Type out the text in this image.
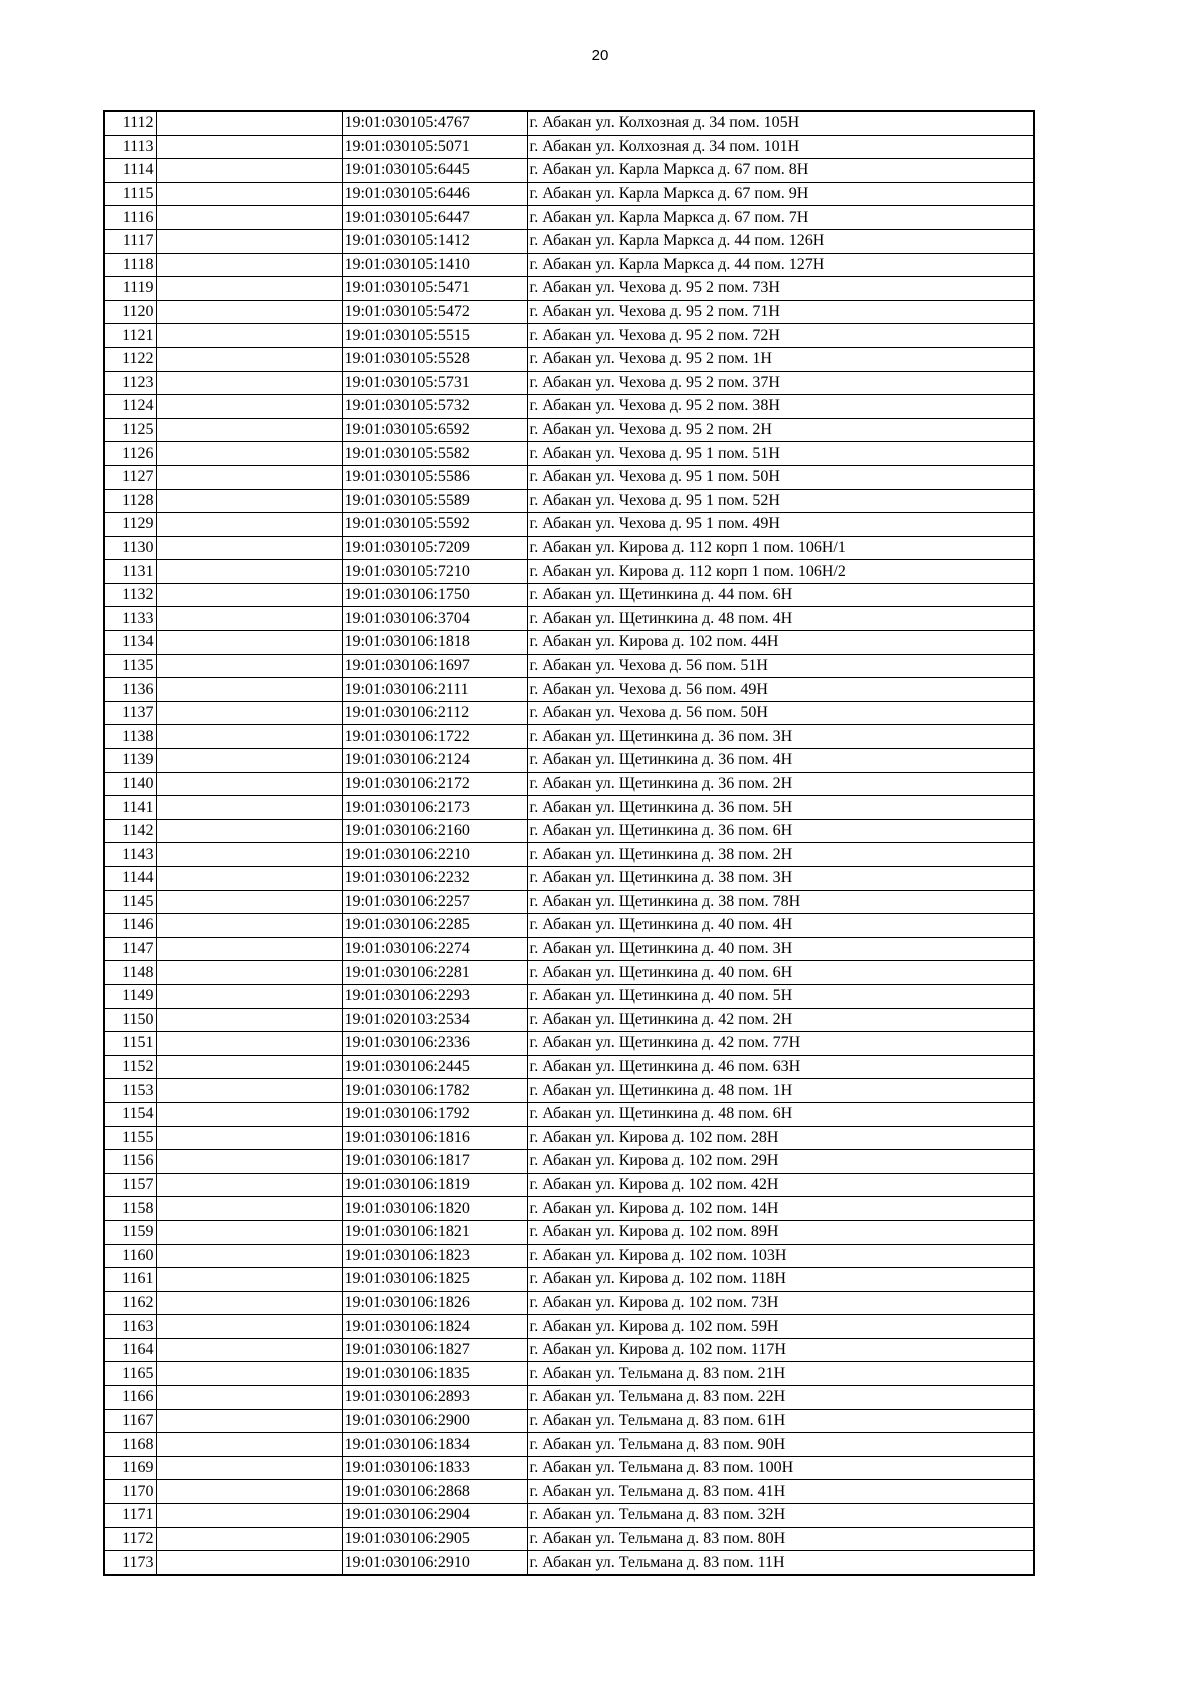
20
1112		19:01:030105:4767	г. Абакан ул. Колхозная д. 34 пом. 105Н
1113		19:01:030105:5071	г. Абакан ул. Колхозная д. 34 пом. 101Н
1114		19:01:030105:6445	г. Абакан ул. Карла Маркса д. 67 пом. 8Н
1115		19:01:030105:6446	г. Абакан ул. Карла Маркса д. 67 пом. 9Н
1116		19:01:030105:6447	г. Абакан ул. Карла Маркса д. 67 пом. 7Н
1117		19:01:030105:1412	г. Абакан ул. Карла Маркса д. 44 пом. 126Н
1118		19:01:030105:1410	г. Абакан ул. Карла Маркса д. 44 пом. 127Н
1119		19:01:030105:5471	г. Абакан ул. Чехова д. 95 2 пом. 73Н
1120		19:01:030105:5472	г. Абакан ул. Чехова д. 95 2 пом. 71Н
1121		19:01:030105:5515	г. Абакан ул. Чехова д. 95 2 пом. 72Н
1122		19:01:030105:5528	г. Абакан ул. Чехова д. 95 2 пом. 1Н
1123		19:01:030105:5731	г. Абакан ул. Чехова д. 95 2 пом. 37Н
1124		19:01:030105:5732	г. Абакан ул. Чехова д. 95 2 пом. 38Н
1125		19:01:030105:6592	г. Абакан ул. Чехова д. 95 2 пом. 2Н
1126		19:01:030105:5582	г. Абакан ул. Чехова д. 95 1 пом. 51Н
1127		19:01:030105:5586	г. Абакан ул. Чехова д. 95 1 пом. 50Н
1128		19:01:030105:5589	г. Абакан ул. Чехова д. 95 1 пом. 52Н
1129		19:01:030105:5592	г. Абакан ул. Чехова д. 95 1 пом. 49Н
1130		19:01:030105:7209	г. Абакан ул. Кирова д. 112 корп 1 пом. 106Н/1
1131		19:01:030105:7210	г. Абакан ул. Кирова д. 112 корп 1 пом. 106Н/2
1132		19:01:030106:1750	г. Абакан ул. Щетинкина д. 44 пом. 6Н
1133		19:01:030106:3704	г. Абакан ул. Щетинкина д. 48 пом. 4Н
1134		19:01:030106:1818	г. Абакан ул. Кирова д. 102 пом. 44Н
1135		19:01:030106:1697	г. Абакан ул. Чехова д. 56 пом. 51Н
1136		19:01:030106:2111	г. Абакан ул. Чехова д. 56 пом. 49Н
1137		19:01:030106:2112	г. Абакан ул. Чехова д. 56 пом. 50Н
1138		19:01:030106:1722	г. Абакан ул. Щетинкина д. 36 пом. 3Н
1139		19:01:030106:2124	г. Абакан ул. Щетинкина д. 36 пом. 4Н
1140		19:01:030106:2172	г. Абакан ул. Щетинкина д. 36 пом. 2Н
1141		19:01:030106:2173	г. Абакан ул. Щетинкина д. 36 пом. 5Н
1142		19:01:030106:2160	г. Абакан ул. Щетинкина д. 36 пом. 6Н
1143		19:01:030106:2210	г. Абакан ул. Щетинкина д. 38 пом. 2Н
1144		19:01:030106:2232	г. Абакан ул. Щетинкина д. 38 пом. 3Н
1145		19:01:030106:2257	г. Абакан ул. Щетинкина д. 38 пом. 78Н
1146		19:01:030106:2285	г. Абакан ул. Щетинкина д. 40 пом. 4Н
1147		19:01:030106:2274	г. Абакан ул. Щетинкина д. 40 пом. 3Н
1148		19:01:030106:2281	г. Абакан ул. Щетинкина д. 40 пом. 6Н
1149		19:01:030106:2293	г. Абакан ул. Щетинкина д. 40 пом. 5Н
1150		19:01:020103:2534	г. Абакан ул. Щетинкина д. 42 пом. 2Н
1151		19:01:030106:2336	г. Абакан ул. Щетинкина д. 42 пом. 77Н
1152		19:01:030106:2445	г. Абакан ул. Щетинкина д. 46 пом. 63Н
1153		19:01:030106:1782	г. Абакан ул. Щетинкина д. 48 пом. 1Н
1154		19:01:030106:1792	г. Абакан ул. Щетинкина д. 48 пом. 6Н
1155		19:01:030106:1816	г. Абакан ул. Кирова д. 102 пом. 28Н
1156		19:01:030106:1817	г. Абакан ул. Кирова д. 102 пом. 29Н
1157		19:01:030106:1819	г. Абакан ул. Кирова д. 102 пом. 42Н
1158		19:01:030106:1820	г. Абакан ул. Кирова д. 102 пом. 14Н
1159		19:01:030106:1821	г. Абакан ул. Кирова д. 102 пом. 89Н
1160		19:01:030106:1823	г. Абакан ул. Кирова д. 102 пом. 103Н
1161		19:01:030106:1825	г. Абакан ул. Кирова д. 102 пом. 118Н
1162		19:01:030106:1826	г. Абакан ул. Кирова д. 102 пом. 73Н
1163		19:01:030106:1824	г. Абакан ул. Кирова д. 102 пом. 59Н
1164		19:01:030106:1827	г. Абакан ул. Кирова д. 102 пом. 117Н
1165		19:01:030106:1835	г. Абакан ул. Тельмана д. 83 пом. 21Н
1166		19:01:030106:2893	г. Абакан ул. Тельмана д. 83 пом. 22Н
1167		19:01:030106:2900	г. Абакан ул. Тельмана д. 83 пом. 61Н
1168		19:01:030106:1834	г. Абакан ул. Тельмана д. 83 пом. 90Н
1169		19:01:030106:1833	г. Абакан ул. Тельмана д. 83 пом. 100Н
1170		19:01:030106:2868	г. Абакан ул. Тельмана д. 83 пом. 41Н
1171		19:01:030106:2904	г. Абакан ул. Тельмана д. 83 пом. 32Н
1172		19:01:030106:2905	г. Абакан ул. Тельмана д. 83 пом. 80Н
1173		19:01:030106:2910	г. Абакан ул. Тельмана д. 83 пом. 11Н
